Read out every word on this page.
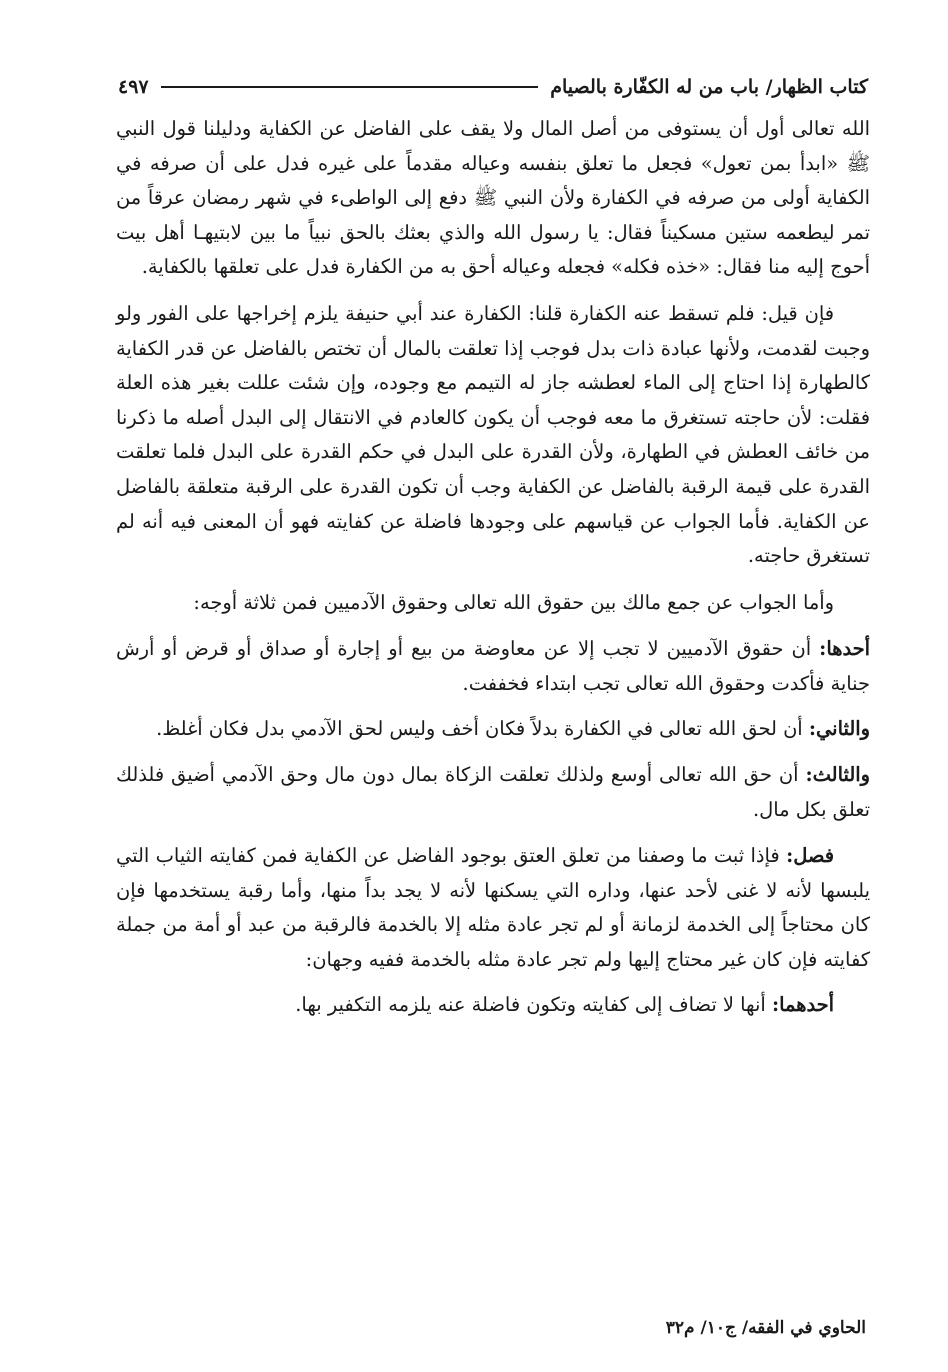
كتاب الظهار/ باب من له الكفّارة بالصيام
٤٩٧

الله تعالى أول أن يستوفى من أصل المال ولا يقف على الفاضل عن الكفاية ودليلنا قول النبي ﷺ «ابدأ بمن تعول» فجعل ما تعلق بنفسه وعياله مقدماً على غيره فدل على أن صرفه في الكفاية أولى من صرفه في الكفارة ولأن النبي ﷺ دفع إلى الواطىء في شهر رمضان عرقاً من تمر ليطعمه ستين مسكيناً فقال: يا رسول الله والذي بعثك بالحق نبياً ما بين لابتيهـا أهل بيت أحوج إليه منا فقال: «خذه فكله» فجعله وعياله أحق به من الكفارة فدل على تعلقها بالكفاية.

فإن قيل: فلم تسقط عنه الكفارة قلنا: الكفارة عند أبي حنيفة يلزم إخراجها على الفور ولو وجبت لقدمت، ولأنها عبادة ذات بدل فوجب إذا تعلقت بالمال أن تختص بالفاضل عن قدر الكفاية كالطهارة إذا احتاج إلى الماء لعطشه جاز له التيمم مع وجوده، وإن شئت عللت بغير هذه العلة فقلت: لأن حاجته تستغرق ما معه فوجب أن يكون كالعادم في الانتقال إلى البدل أصله ما ذكرنا من خائف العطش في الطهارة، ولأن القدرة على البدل في حكم القدرة على البدل فلما تعلقت القدرة على قيمة الرقبة بالفاضل عن الكفاية وجب أن تكون القدرة على الرقبة متعلقة بالفاضل عن الكفاية. فأما الجواب عن قياسهم على وجودها فاضلة عن كفايته فهو أن المعنى فيه أنه لم تستغرق حاجته.

وأما الجواب عن جمع مالك بين حقوق الله تعالى وحقوق الآدميين فمن ثلاثة أوجه:

أحدها: أن حقوق الآدميين لا تجب إلا عن معاوضة من بيع أو إجارة أو صداق أو قرض أو أرش جناية فأكدت وحقوق الله تعالى تجب ابتداء فخففت.

والثاني: أن لحق الله تعالى في الكفارة بدلاً فكان أخف وليس لحق الآدمي بدل فكان أغلظ.

والثالث: أن حق الله تعالى أوسع ولذلك تعلقت الزكاة بمال دون مال وحق الآدمي أضيق فلذلك تعلق بكل مال.

فصل: فإذا ثبت ما وصفنا من تعلق العتق بوجود الفاضل عن الكفاية فمن كفايته الثياب التي يلبسها لأنه لا غنى لأحد عنها، وداره التي يسكنها لأنه لا يجد بداً منها، وأما رقبة يستخدمها فإن كان محتاجاً إلى الخدمة لزمانة أو لم تجر عادة مثله إلا بالخدمة فالرقبة من عبد أو أمة من جملة كفايته فإن كان غير محتاج إليها ولم تجر عادة مثله بالخدمة ففيه وجهان:

أحدهما: أنها لا تضاف إلى كفايته وتكون فاضلة عنه يلزمه التكفير بها.

الحاوي في الفقه/ ج١٠/ م٣٢
